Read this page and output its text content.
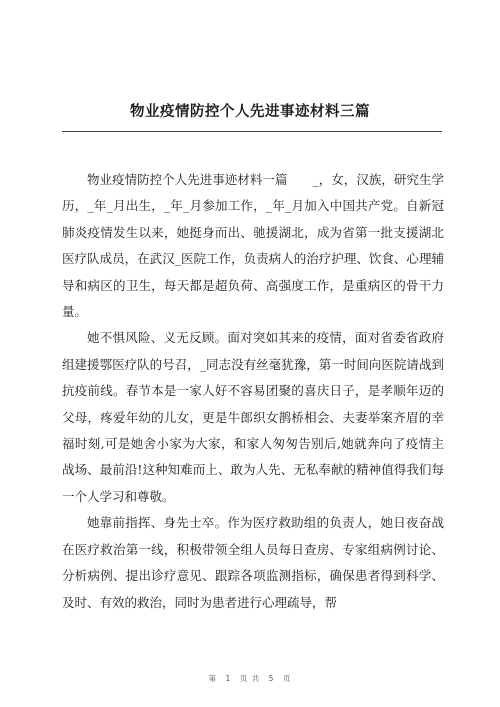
物业疫情防控个人先进事迹材料三篇

物业疫情防控个人先进事迹材料一篇　　_，女，汉族，研究生学历，_年_月出生，_年_月参加工作，_年_月加入中国共产党。自新冠肺炎疫情发生以来，她挺身而出、驰援湖北，成为省第一批支援湖北医疗队成员，在武汉_医院工作，负责病人的治疗护理、饮食、心理辅导和病区的卫生，每天都是超负荷、高强度工作，是重病区的骨干力量。

她不惧风险、义无反顾。面对突如其来的疫情，面对省委省政府组建援鄂医疗队的号召，_同志没有丝毫犹豫，第一时间向医院请战到抗疫前线。春节本是一家人好不容易团聚的喜庆日子，是孝顺年迈的父母，疼爱年幼的儿女，更是牛郎织女鹊桥相会、夫妻举案齐眉的幸福时刻,可是她舍小家为大家，和家人匆匆告别后,她就奔向了疫情主战场、最前沿!这种知难而上、敢为人先、无私奉献的精神值得我们每一个人学习和尊敬。

她靠前指挥、身先士卒。作为医疗救助组的负责人，她日夜奋战在医疗救治第一线，积极带领全组人员每日查房、专家组病例讨论、分析病例、提出诊疗意见、跟踪各项监测指标，确保患者得到科学、及时、有效的救治，同时为患者进行心理疏导，帮

第　1　页 共　5　页
